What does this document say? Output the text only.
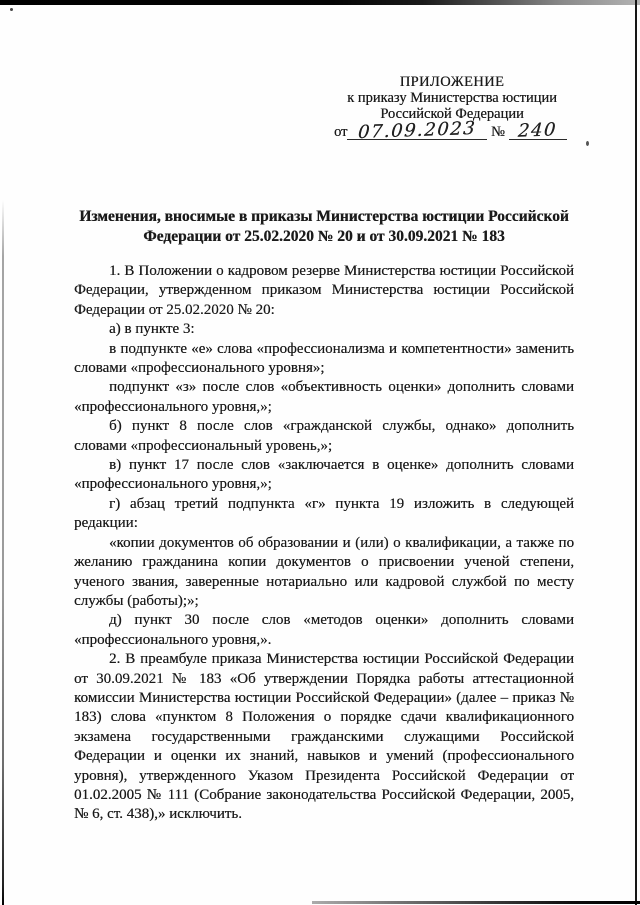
ПРИЛОЖЕНИЕ
к приказу Министерства юстиции
Российской Федерации
от 07.09.2023 № 240
Изменения, вносимые в приказы Министерства юстиции Российской Федерации от 25.02.2020 № 20 и от 30.09.2021 № 183

1. В Положении о кадровом резерве Министерства юстиции Российской Федерации, утвержденном приказом Министерства юстиции Российской Федерации от 25.02.2020 № 20:

а) в пункте 3:

в подпункте «е» слова «профессионализма и компетентности» заменить словами «профессионального уровня»;

подпункт «з» после слов «объективность оценки» дополнить словами «профессионального уровня,»;

б) пункт 8 после слов «гражданской службы, однако» дополнить словами «профессиональный уровень,»;

в) пункт 17 после слов «заключается в оценке» дополнить словами «профессионального уровня,»;

г) абзац третий подпункта «г» пункта 19 изложить в следующей редакции:

«копии документов об образовании и (или) о квалификации, а также по желанию гражданина копии документов о присвоении ученой степени, ученого звания, заверенные нотариально или кадровой службой по месту службы (работы);»;

д) пункт 30 после слов «методов оценки» дополнить словами «профессионального уровня,».

2. В преамбуле приказа Министерства юстиции Российской Федерации от 30.09.2021 № 183 «Об утверждении Порядка работы аттестационной комиссии Министерства юстиции Российской Федерации» (далее – приказ № 183) слова «пунктом 8 Положения о порядке сдачи квалификационного экзамена государственными гражданскими служащими Российской Федерации и оценки их знаний, навыков и умений (профессионального уровня), утвержденного Указом Президента Российской Федерации от 01.02.2005 № 111 (Собрание законодательства Российской Федерации, 2005, № 6, ст. 438),» исключить.
